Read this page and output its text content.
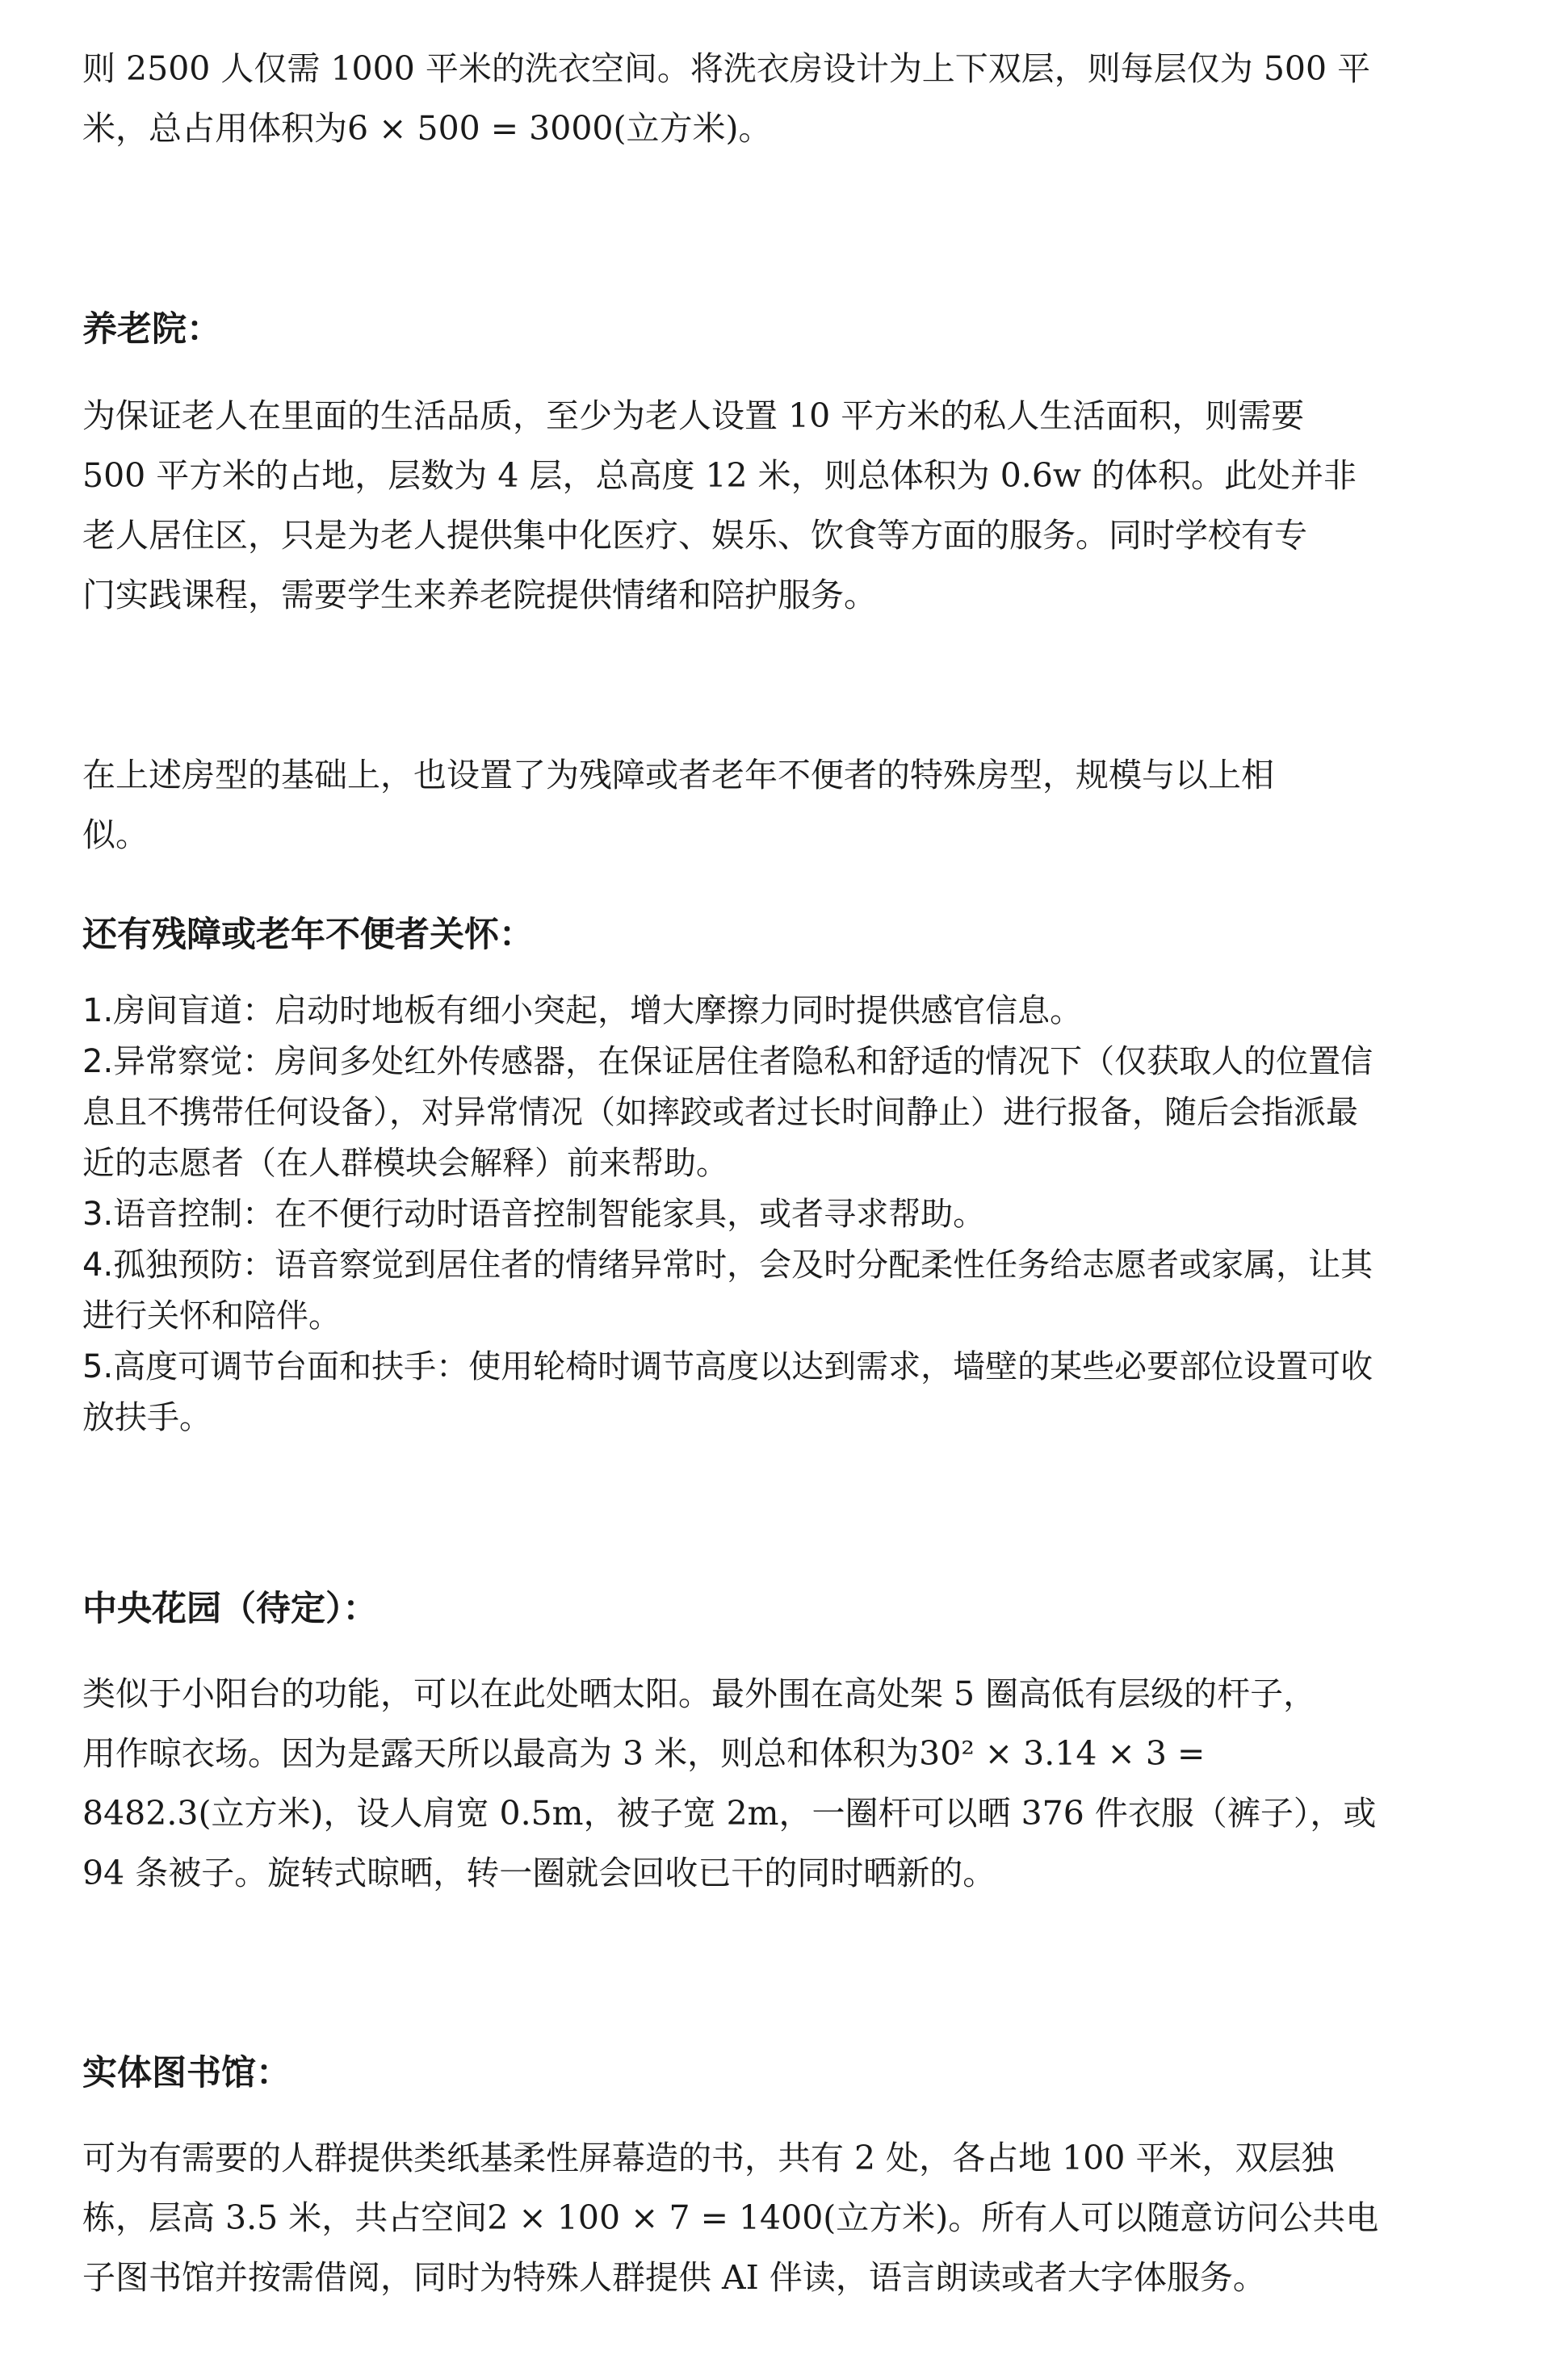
则 2500 人仅需 1000 平米的洗衣空间。将洗衣房设计为上下双层，则每层仅为 500 平

米，总占用体积为6 × 500 = 3000(立方米)。

养老院：

为保证老人在里面的生活品质，至少为老人设置 10 平方米的私人生活面积，则需要

500 平方米的占地，层数为 4 层，总高度 12 米，则总体积为 0.6w 的体积。此处并非

老人居住区，只是为老人提供集中化医疗、娱乐、饮食等方面的服务。同时学校有专

门实践课程，需要学生来养老院提供情绪和陪护服务。

在上述房型的基础上，也设置了为残障或者老年不便者的特殊房型，规模与以上相

似。

还有残障或老年不便者关怀：

1.房间盲道：启动时地板有细小突起，增大摩擦力同时提供感官信息。

2.异常察觉：房间多处红外传感器，在保证居住者隐私和舒适的情况下（仅获取人的位置信

息且不携带任何设备），对异常情况（如摔跤或者过长时间静止）进行报备，随后会指派最

近的志愿者（在人群模块会解释）前来帮助。

3.语音控制：在不便行动时语音控制智能家具，或者寻求帮助。

4.孤独预防：语音察觉到居住者的情绪异常时，会及时分配柔性任务给志愿者或家属，让其

进行关怀和陪伴。

5.高度可调节台面和扶手：使用轮椅时调节高度以达到需求，墙壁的某些必要部位设置可收

放扶手。

中央花园（待定）：

类似于小阳台的功能，可以在此处晒太阳。最外围在高处架 5 圈高低有层级的杆子，

用作晾衣场。因为是露天所以最高为 3 米，则总和体积为30² × 3.14 × 3 =

8482.3(立方米)，设人肩宽 0.5m，被子宽 2m，一圈杆可以晒 376 件衣服（裤子），或

94 条被子。旋转式晾晒，转一圈就会回收已干的同时晒新的。

实体图书馆：

可为有需要的人群提供类纸基柔性屏幕造的书，共有 2 处，各占地 100 平米，双层独

栋，层高 3.5 米，共占空间2 × 100 × 7 = 1400(立方米)。所有人可以随意访问公共电

子图书馆并按需借阅，同时为特殊人群提供 AI 伴读，语言朗读或者大字体服务。
